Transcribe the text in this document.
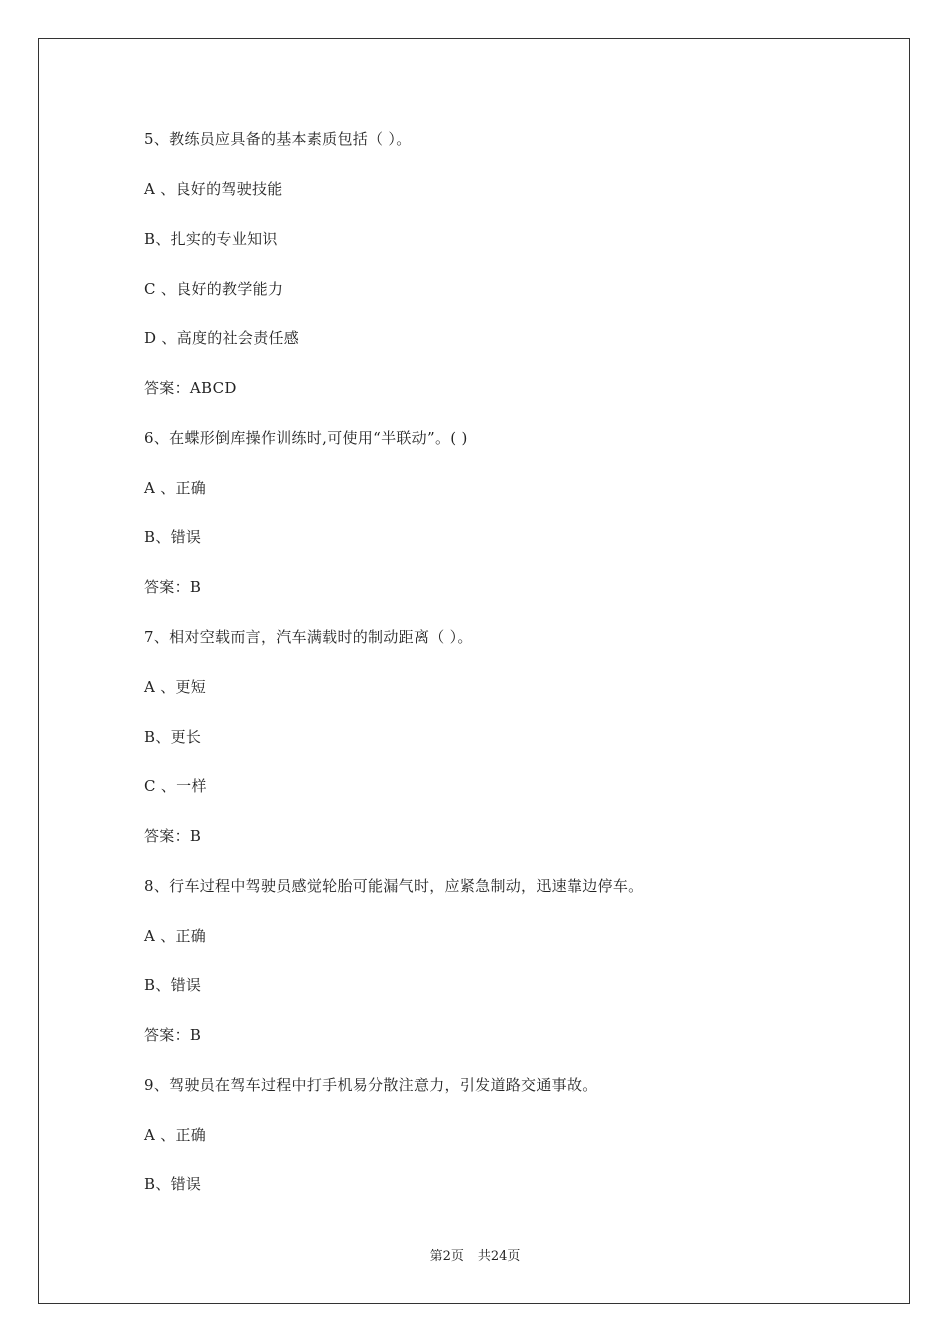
5、教练员应具备的基本素质包括（ ）。
A 、良好的驾驶技能
B、扎实的专业知识
C 、良好的教学能力
D 、高度的社会责任感
答案：ABCD
6、在蝶形倒库操作训练时,可使用“半联动”。( )
A 、正确
B、错误
答案：B
7、相对空载而言，汽车满载时的制动距离（ ）。
A 、更短
B、更长
C 、一样
答案：B
8、行车过程中驾驶员感觉轮胎可能漏气时，应紧急制动，迅速靠边停车。
A 、正确
B、错误
答案：B
9、驾驶员在驾车过程中打手机易分散注意力，引发道路交通事故。
A 、正确
B、错误
第2页 共24页
